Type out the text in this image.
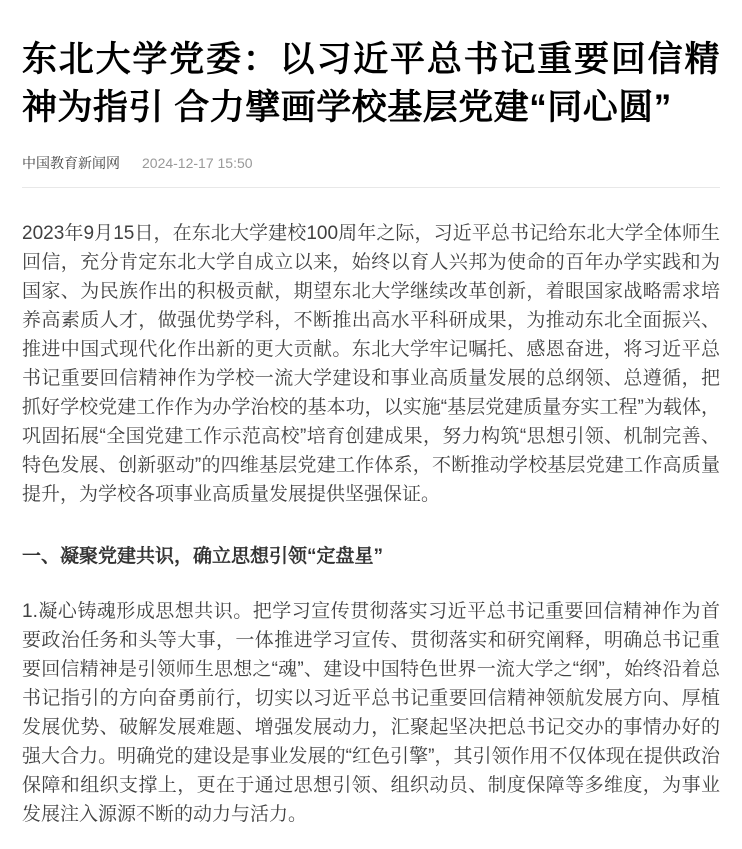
东北大学党委：以习近平总书记重要回信精神为指引 合力擘画学校基层党建“同心圆”
中国教育新闻网 2024-12-17 15:50

2023年9月15日，在东北大学建校100周年之际，习近平总书记给东北大学全体师生回信，充分肯定东北大学自成立以来，始终以育人兴邦为使命的百年办学实践和为国家、为民族作出的积极贡献，期望东北大学继续改革创新，着眼国家战略需求培养高素质人才，做强优势学科，不断推出高水平科研成果，为推动东北全面振兴、推进中国式现代化作出新的更大贡献。东北大学牢记嘱托、感恩奋进，将习近平总书记重要回信精神作为学校一流大学建设和事业高质量发展的总纲领、总遵循，把抓好学校党建工作作为办学治校的基本功，以实施“基层党建质量夯实工程”为载体，巩固拓展“全国党建工作示范高校”培育创建成果，努力构筑“思想引领、机制完善、特色发展、创新驱动”的四维基层党建工作体系，不断推动学校基层党建工作高质量提升，为学校各项事业高质量发展提供坚强保证。

一、凝聚党建共识，确立思想引领“定盘星”

1.凝心铸魂形成思想共识。把学习宣传贯彻落实习近平总书记重要回信精神作为首要政治任务和头等大事，一体推进学习宣传、贯彻落实和研究阐释，明确总书记重要回信精神是引领师生思想之“魂”、建设中国特色世界一流大学之“纲”，始终沿着总书记指引的方向奋勇前行，切实以习近平总书记重要回信精神领航发展方向、厚植发展优势、破解发展难题、增强发展动力，汇聚起坚决把总书记交办的事情办好的强大合力。明确党的建设是事业发展的“红色引擎”，其引领作用不仅体现在提供政治保障和组织支撑上，更在于通过思想引领、组织动员、制度保障等多维度，为事业发展注入源源不断的动力与活力。
